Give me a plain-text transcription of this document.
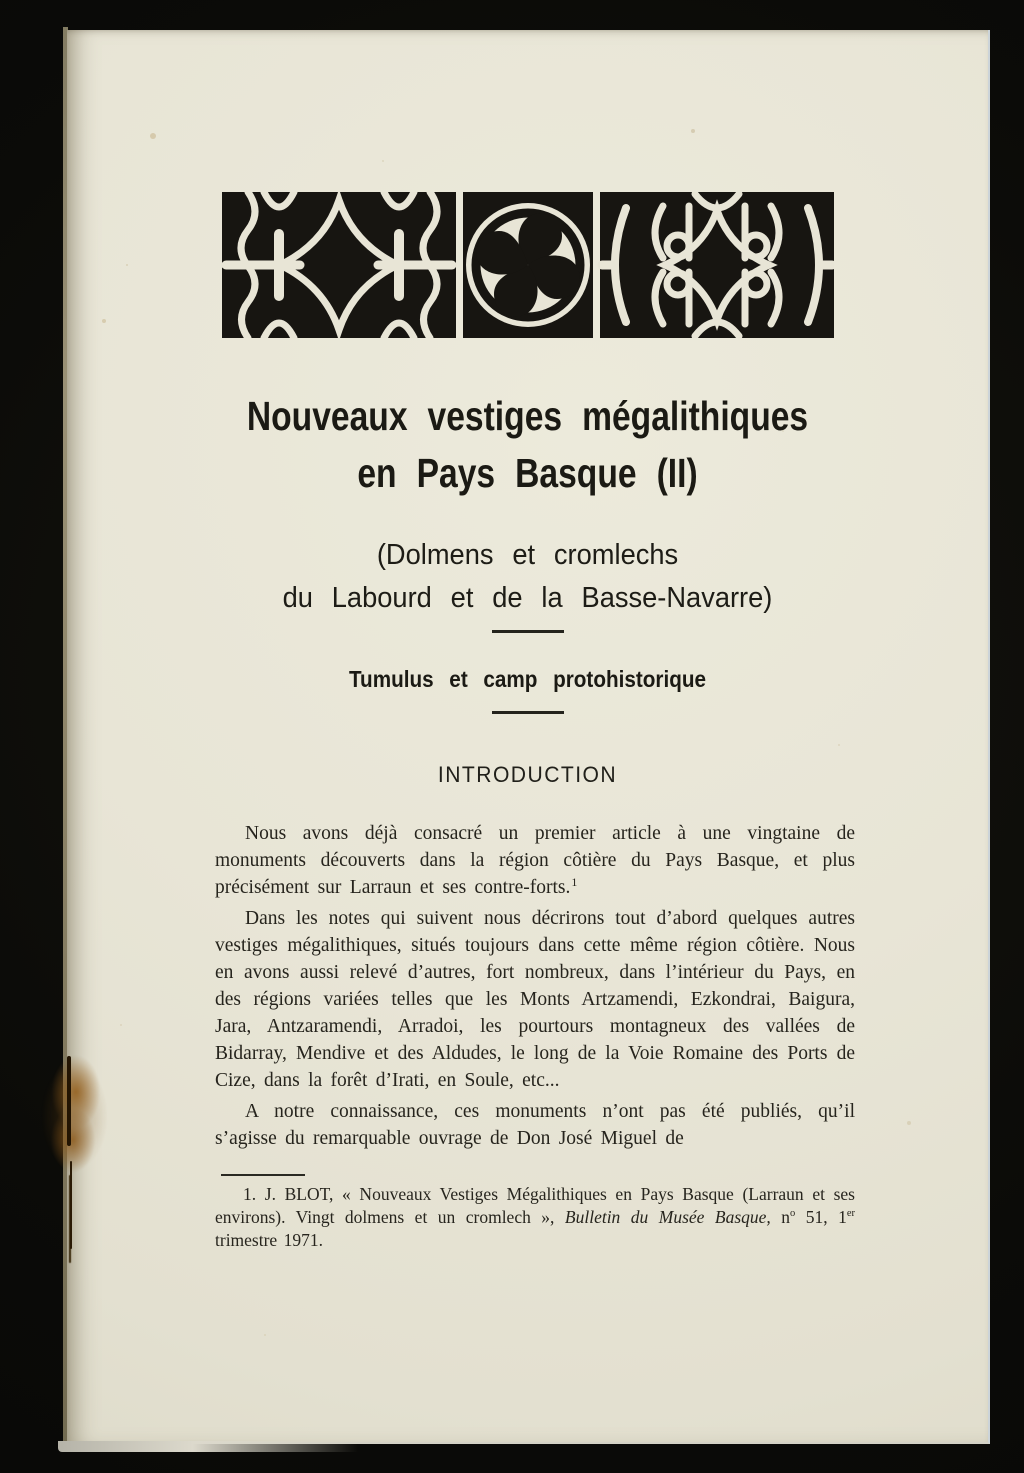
Nouveaux vestiges mégalithiques
en Pays Basque (II)
(Dolmens et cromlechs
du Labourd et de la Basse-Navarre)
Tumulus et camp protohistorique
INTRODUCTION

Nous avons déjà consacré un premier article à une vingtaine de monuments découverts dans la région côtière du Pays Basque, et plus précisément sur Larraun et ses contre-forts.$^1$

Dans les notes qui suivent nous décrirons tout d’abord quelques autres vestiges mégalithiques, situés toujours dans cette même région côtière. Nous en avons aussi relevé d’autres, fort nombreux, dans l’intérieur du Pays, en des régions variées telles que les Monts Artzamendi, Ezkondrai, Baigura, Jara, Antzaramendi, Arradoi, les pourtours montagneux des vallées de Bidarray, Mendive et des Aldudes, le long de la Voie Romaine des Ports de Cize, dans la forêt d’Irati, en Soule, etc...

A notre connaissance, ces monuments n’ont pas été publiés, qu’il s’agisse du remarquable ouvrage de Don José Miguel de

1. J. BLOT, « Nouveaux Vestiges Mégalithiques en Pays Basque (Larraun et ses environs). Vingt dolmens et un cromlech », Bulletin du Musée Basque, $n^o$ 51, 1er trimestre 1971.
